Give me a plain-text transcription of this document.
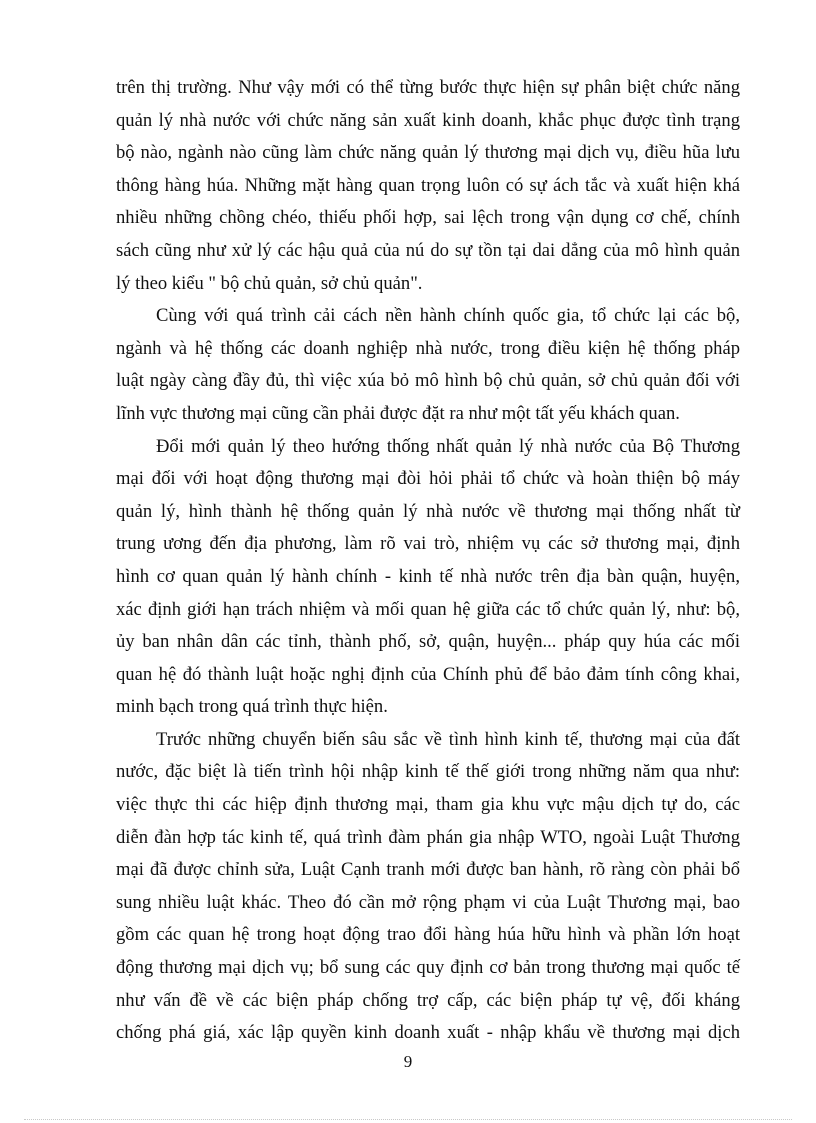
trên thị trường. Như vậy mới có thể từng bước thực hiện sự phân biệt chức năng
quản lý nhà nước với chức năng sản xuất kinh doanh, khắc phục được tình trạng
bộ nào, ngành nào cũng làm chức năng quản lý thương mại dịch vụ, điều hũa lưu
thông hàng húa. Những mặt hàng quan trọng luôn có sự ách tắc và xuất hiện khá
nhiều những chồng chéo, thiếu phối hợp, sai lệch trong vận dụng cơ chế, chính
sách cũng như xử lý các hậu quả của nú do sự tồn tại dai dẳng của mô hình quản
lý theo kiểu " bộ chủ quản, sở chủ quản".
Cùng với quá trình cải cách nền hành chính quốc gia, tổ chức lại các bộ,
ngành và hệ thống các doanh nghiệp nhà nước, trong điều kiện hệ thống pháp
luật ngày càng đầy đủ, thì việc xúa bỏ mô hình bộ chủ quản, sở chủ quản đối với
lĩnh vực thương mại cũng cần phải được đặt ra như một tất yếu khách quan.
Đổi mới quản lý theo hướng thống nhất quản lý nhà nước của Bộ Thương
mại đối với hoạt động thương mại đòi hỏi phải tổ chức và hoàn thiện bộ máy
quản lý, hình thành hệ thống quản lý nhà nước về thương mại thống nhất từ
trung ương đến địa phương, làm rõ vai trò, nhiệm vụ các sở thương mại, định
hình cơ quan quản lý hành chính - kinh tế nhà nước trên địa bàn quận, huyện,
xác định giới hạn trách nhiệm và mối quan hệ giữa các tổ chức quản lý, như: bộ,
ủy ban nhân dân các tỉnh, thành phố, sở, quận, huyện... pháp quy húa các mối
quan hệ đó thành luật hoặc nghị định của Chính phủ để bảo đảm tính công khai,
minh bạch trong quá trình thực hiện.
Trước những chuyển biến sâu sắc về tình hình kinh tế, thương mại của đất
nước, đặc biệt là tiến trình hội nhập kinh tế thế giới trong những năm qua như:
việc thực thi các hiệp định thương mại, tham gia khu vực mậu dịch tự do, các
diễn đàn hợp tác kinh tế, quá trình đàm phán gia nhập WTO, ngoài Luật Thương
mại đã được chỉnh sửa, Luật Cạnh tranh mới được ban hành, rõ ràng còn phải bổ
sung nhiều luật khác. Theo đó cần mở rộng phạm vi của Luật Thương mại, bao
gồm các quan hệ trong hoạt động trao đổi hàng húa hữu hình và phần lớn hoạt
động thương mại dịch vụ; bổ sung các quy định cơ bản trong thương mại quốc tế
như vấn đề về các biện pháp chống trợ cấp, các biện pháp tự vệ, đối kháng
chống phá giá, xác lập quyền kinh doanh xuất - nhập khẩu về thương mại dịch
9
